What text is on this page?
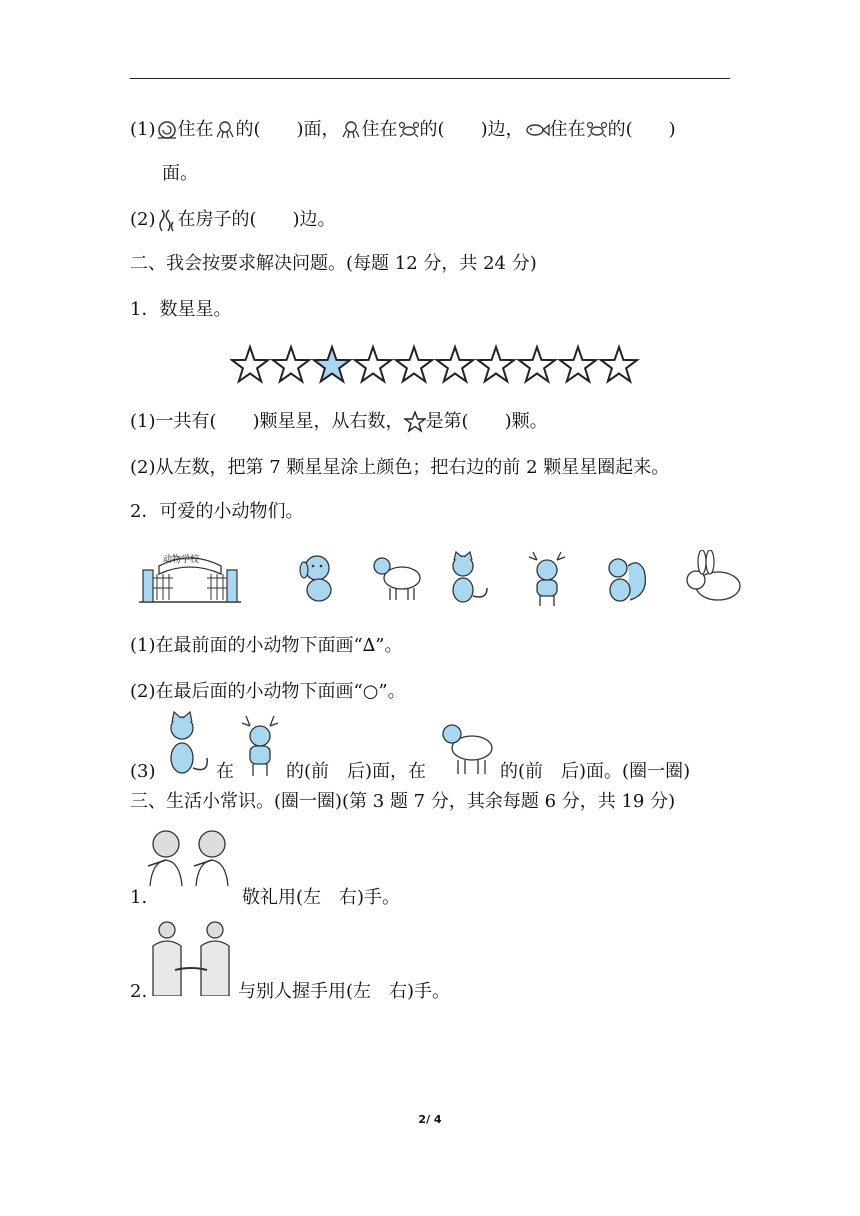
(1) 住在 的(　　)面， 住在 的(　　)边， 住在 的(　　)
面。
(2) 在房子的(　　)边。
二、我会按要求解决问题。(每题 12 分，共 24 分)
1．数星星。
(1)一共有(　　)颗星星，从右数， 是第(　　)颗。
(2)从左数，把第 7 颗星星涂上颜色；把右边的前 2 颗星星圈起来。
2．可爱的小动物们。
动物学校
(1)在最前面的小动物下面画“∆”。
(2)在最后面的小动物下面画“○”。
(3)	在	的(前　后)面，在	的(前　后)面。(圈一圈)
三、生活小常识。(圈一圈)(第 3 题 7 分，其余每题 6 分，共 19 分)
1.	敬礼用(左　右)手。
2.	与别人握手用(左　右)手。
2/ 4
